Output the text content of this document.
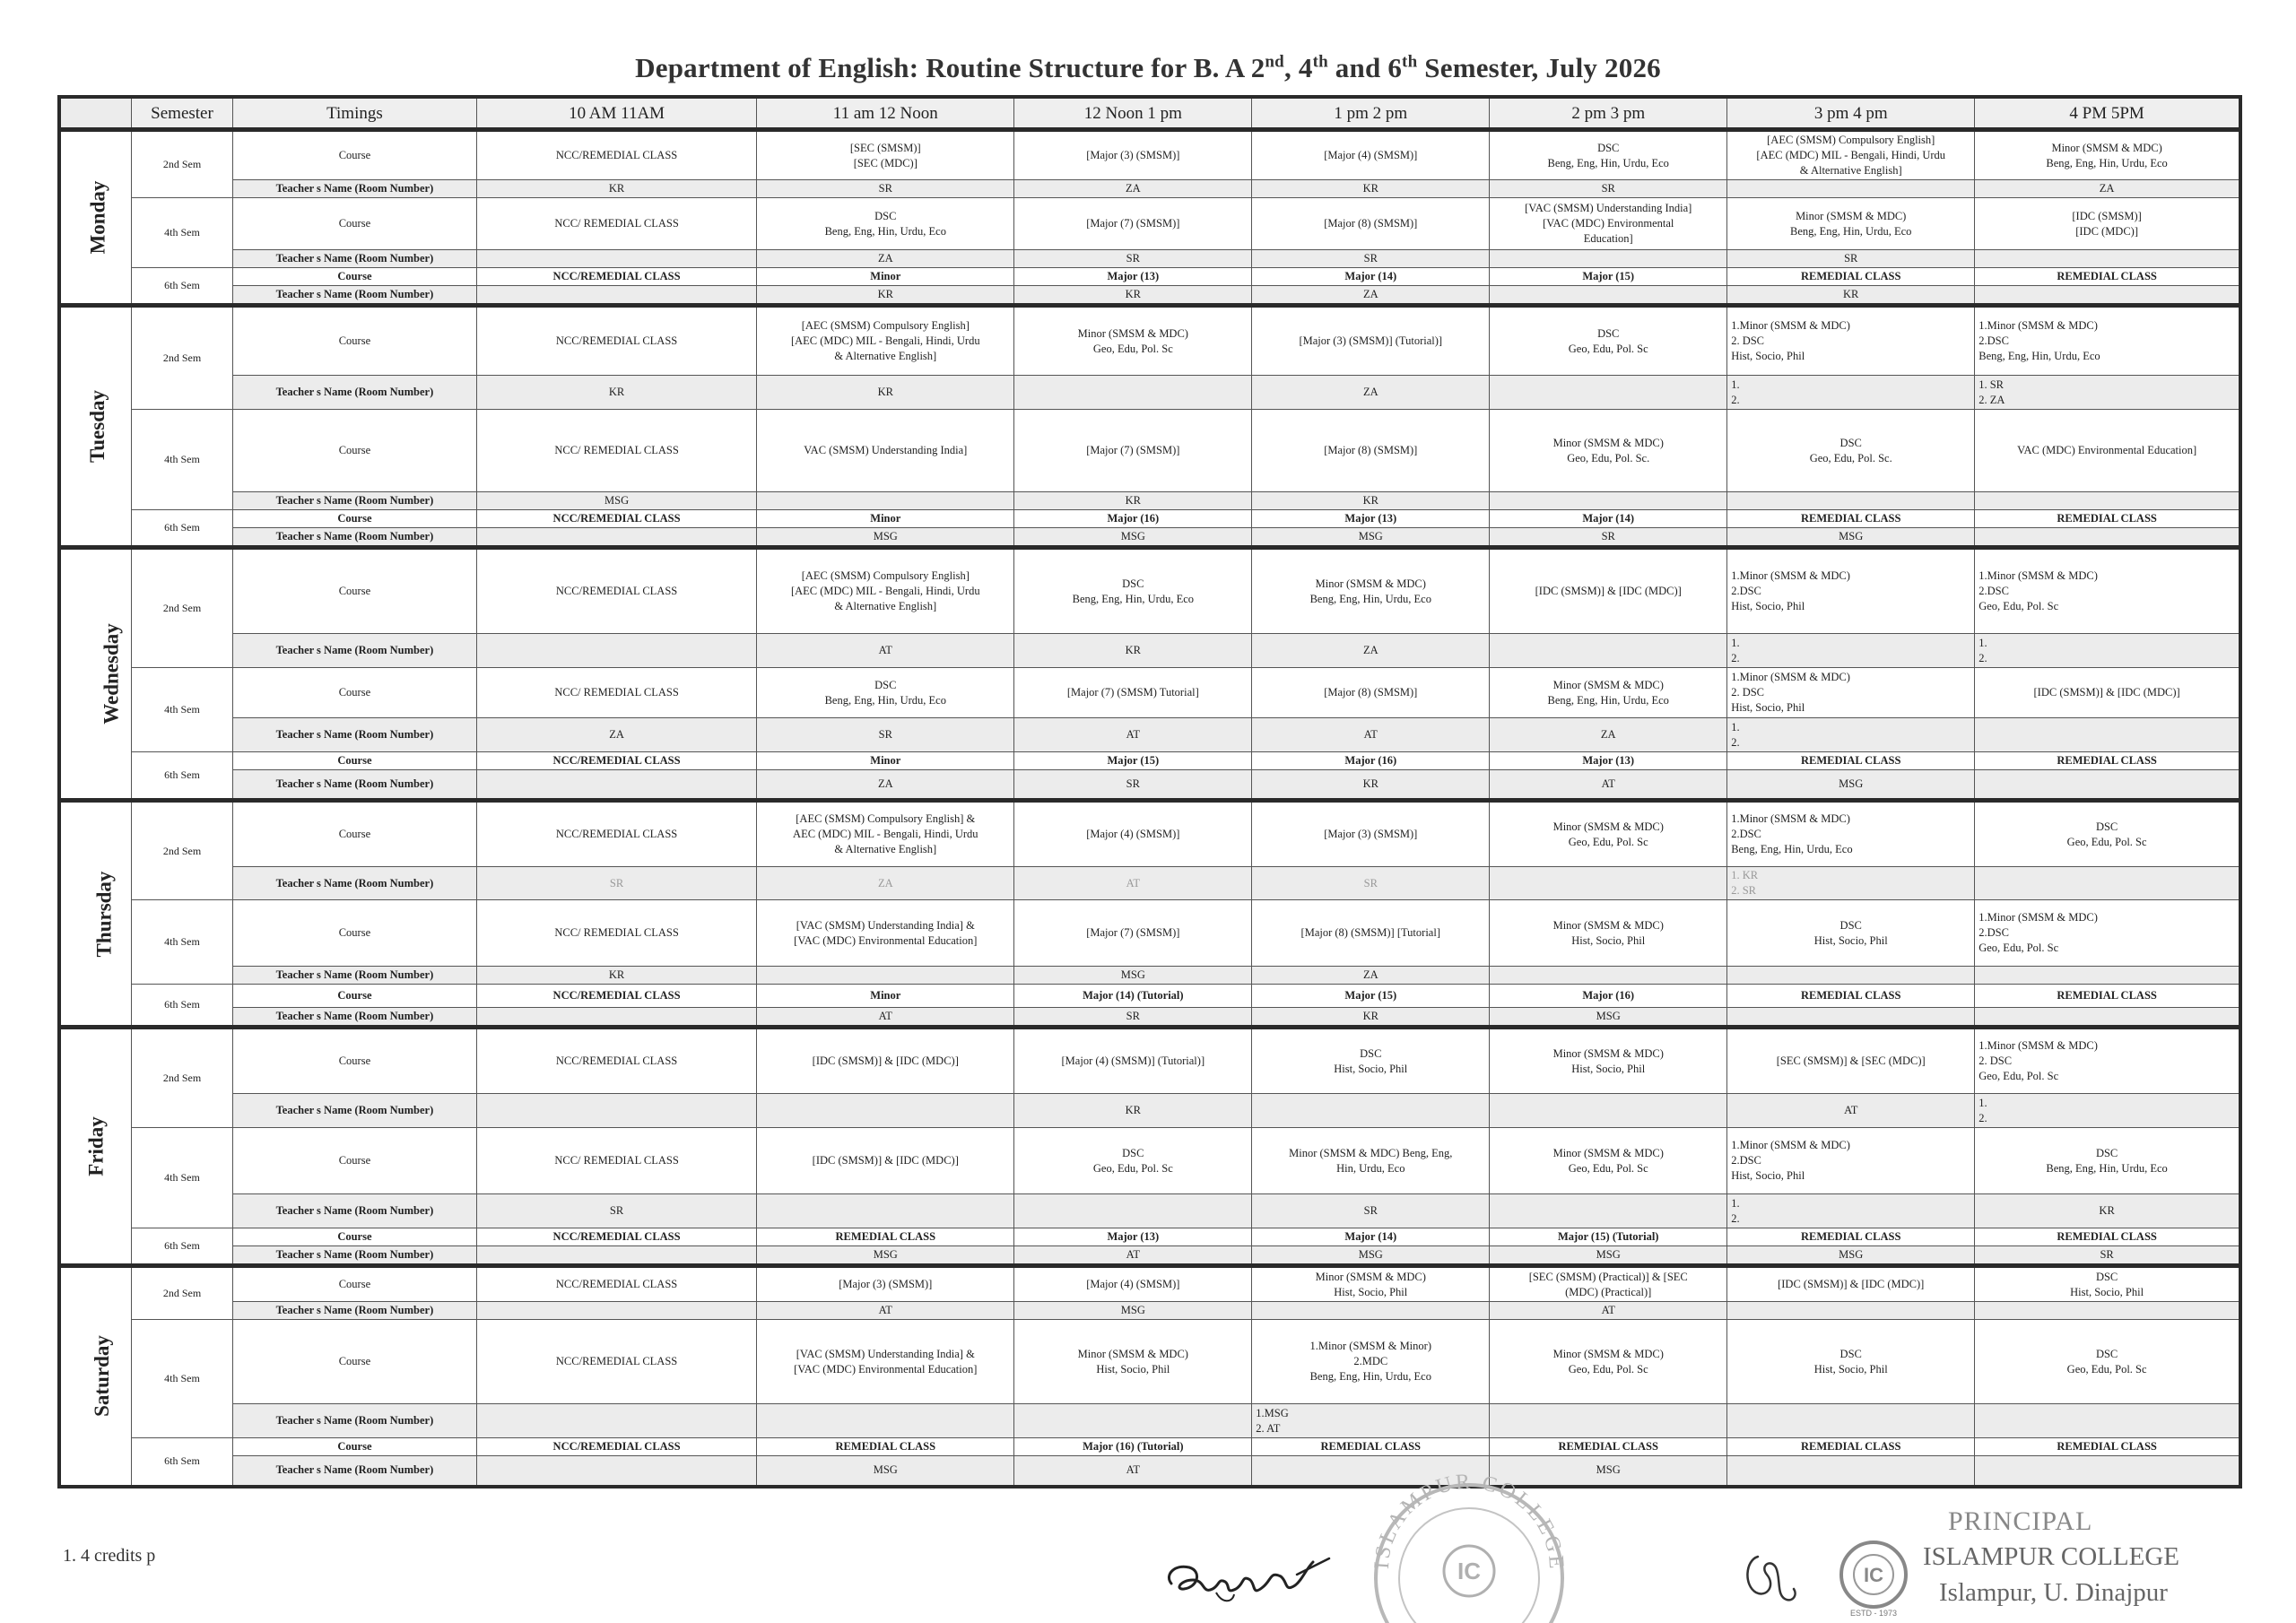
Department of English: Routine Structure for B. A 2nd, 4th and 6th Semester, July 2026
	Semester	Timings	10 AM 11AM	11 am 12 Noon	12 Noon 1 pm	1 pm 2 pm	2 pm 3 pm	3 pm 4 pm	4 PM 5PM
Monday	2nd Sem	Course	NCC/REMEDIAL CLASS	[SEC (SMSM)]
[SEC (MDC)]	[Major (3) (SMSM)]	[Major (4) (SMSM)]	DSC
Beng, Eng, Hin, Urdu, Eco	[AEC (SMSM) Compulsory English]
[AEC (MDC) MIL - Bengali, Hindi, Urdu
& Alternative English]	Minor (SMSM & MDC)
Beng, Eng, Hin, Urdu, Eco
		Teacher s Name (Room Number)	KR	SR	ZA	KR	SR		ZA
	4th Sem	Course	NCC/ REMEDIAL CLASS	DSC
Beng, Eng, Hin, Urdu, Eco	[Major (7) (SMSM)]	[Major (8) (SMSM)]	[VAC (SMSM) Understanding India]
[VAC (MDC) Environmental
Education]	Minor (SMSM & MDC)
Beng, Eng, Hin, Urdu, Eco	[IDC (SMSM)]
[IDC (MDC)]
		Teacher s Name (Room Number)		ZA	SR	SR		SR	
	6th Sem	Course	NCC/REMEDIAL CLASS	Minor	Major (13)	Major (14)	Major (15)	REMEDIAL CLASS	REMEDIAL CLASS
		Teacher s Name (Room Number)		KR	KR	ZA		KR	
Tuesday	2nd Sem	Course	NCC/REMEDIAL CLASS	[AEC (SMSM) Compulsory English]
[AEC (MDC) MIL - Bengali, Hindi, Urdu
& Alternative English]	Minor (SMSM & MDC)
Geo, Edu, Pol. Sc	[Major (3) (SMSM)] (Tutorial)]	DSC
Geo, Edu, Pol. Sc	1.Minor (SMSM & MDC)
2. DSC
Hist, Socio, Phil	1.Minor (SMSM & MDC)
2.DSC
Beng, Eng, Hin, Urdu, Eco
		Teacher s Name (Room Number)	KR	KR		ZA		1.
2.	1. SR
2. ZA
	4th Sem	Course	NCC/ REMEDIAL CLASS	VAC (SMSM) Understanding India]	[Major (7) (SMSM)]	[Major (8) (SMSM)]	Minor (SMSM & MDC)
Geo, Edu, Pol. Sc.	DSC
Geo, Edu, Pol. Sc.	VAC (MDC) Environmental Education]
		Teacher s Name (Room Number)	MSG		KR	KR			
	6th Sem	Course	NCC/REMEDIAL CLASS	Minor	Major (16)	Major (13)	Major (14)	REMEDIAL CLASS	REMEDIAL CLASS
		Teacher s Name (Room Number)		MSG	MSG	MSG	SR	MSG	
Wednesday	2nd Sem	Course	NCC/REMEDIAL CLASS	[AEC (SMSM) Compulsory English]
[AEC (MDC) MIL - Bengali, Hindi, Urdu
& Alternative English]	DSC
Beng, Eng, Hin, Urdu, Eco	Minor (SMSM & MDC)
Beng, Eng, Hin, Urdu, Eco	[IDC (SMSM)] & [IDC (MDC)]	1.Minor (SMSM & MDC)
2.DSC
Hist, Socio, Phil	1.Minor (SMSM & MDC)
2.DSC
Geo, Edu, Pol. Sc
		Teacher s Name (Room Number)		AT	KR	ZA		1.
2.	1.
2.
	4th Sem	Course	NCC/ REMEDIAL CLASS	DSC
Beng, Eng, Hin, Urdu, Eco	[Major (7) (SMSM) Tutorial]	[Major (8) (SMSM)]	Minor (SMSM & MDC)
Beng, Eng, Hin, Urdu, Eco	1.Minor (SMSM & MDC)
2. DSC
Hist, Socio, Phil	[IDC (SMSM)] & [IDC (MDC)]
		Teacher s Name (Room Number)	ZA	SR	AT	AT	ZA	1.
2.	
	6th Sem	Course	NCC/REMEDIAL CLASS	Minor	Major (15)	Major (16)	Major (13)	REMEDIAL CLASS	REMEDIAL CLASS
		Teacher s Name (Room Number)		ZA	SR	KR	AT	MSG	
Thursday	2nd Sem	Course	NCC/REMEDIAL CLASS	[AEC (SMSM) Compulsory English] &
AEC (MDC) MIL - Bengali, Hindi, Urdu
& Alternative English]	[Major (4) (SMSM)]	[Major (3) (SMSM)]	Minor (SMSM & MDC)
Geo, Edu, Pol. Sc	1.Minor (SMSM & MDC)
2.DSC
Beng, Eng, Hin, Urdu, Eco	DSC
Geo, Edu, Pol. Sc
		Teacher s Name (Room Number)	SR	ZA	AT	SR		1. KR
2. SR	
	4th Sem	Course	NCC/ REMEDIAL CLASS	[VAC (SMSM) Understanding India] &
[VAC (MDC) Environmental Education]	[Major (7) (SMSM)]	[Major (8) (SMSM)] [Tutorial]	Minor (SMSM & MDC)
Hist, Socio, Phil	DSC
Hist, Socio, Phil	1.Minor (SMSM & MDC)
2.DSC
Geo, Edu, Pol. Sc
		Teacher s Name (Room Number)	KR		MSG	ZA			
	6th Sem	Course	NCC/REMEDIAL CLASS	Minor	Major (14) (Tutorial)	Major (15)	Major (16)	REMEDIAL CLASS	REMEDIAL CLASS
		Teacher s Name (Room Number)		AT	SR	KR	MSG		
Friday	2nd Sem	Course	NCC/REMEDIAL CLASS	[IDC (SMSM)] & [IDC (MDC)]	[Major (4) (SMSM)] (Tutorial)]	DSC
Hist, Socio, Phil	Minor (SMSM & MDC)
Hist, Socio, Phil	[SEC (SMSM)] & [SEC (MDC)]	1.Minor (SMSM & MDC)
2. DSC
Geo, Edu, Pol. Sc
		Teacher s Name (Room Number)			KR			AT	1.
2.
	4th Sem	Course	NCC/ REMEDIAL CLASS	[IDC (SMSM)] & [IDC (MDC)]	DSC
Geo, Edu, Pol. Sc	Minor (SMSM & MDC) Beng, Eng,
Hin, Urdu, Eco	Minor (SMSM & MDC)
Geo, Edu, Pol. Sc	1.Minor (SMSM & MDC)
2.DSC
Hist, Socio, Phil	DSC
Beng, Eng, Hin, Urdu, Eco
		Teacher s Name (Room Number)	SR			SR		1.
2.	KR
	6th Sem	Course	NCC/REMEDIAL CLASS	REMEDIAL CLASS	Major (13)	Major (14)	Major (15) (Tutorial)	REMEDIAL CLASS	REMEDIAL CLASS
		Teacher s Name (Room Number)		MSG	AT	MSG	MSG	MSG	SR
Saturday	2nd Sem	Course	NCC/REMEDIAL CLASS	[Major (3) (SMSM)]	[Major (4) (SMSM)]	Minor (SMSM & MDC)
Hist, Socio, Phil	[SEC (SMSM) (Practical)] & [SEC
(MDC) (Practical)]	[IDC (SMSM)] & [IDC (MDC)]	DSC
Hist, Socio, Phil
		Teacher s Name (Room Number)		AT	MSG		AT		
	4th Sem	Course	NCC/REMEDIAL CLASS	[VAC (SMSM) Understanding India] &
[VAC (MDC) Environmental Education]	Minor (SMSM & MDC)
Hist, Socio, Phil	1.Minor (SMSM & Minor)
2.MDC
Beng, Eng, Hin, Urdu, Eco	Minor (SMSM & MDC)
Geo, Edu, Pol. Sc	DSC
Hist, Socio, Phil	DSC
Geo, Edu, Pol. Sc
		Teacher s Name (Room Number)				1.MSG
2. AT			
	6th Sem	Course	NCC/REMEDIAL CLASS	REMEDIAL CLASS	Major (16) (Tutorial)	REMEDIAL CLASS	REMEDIAL CLASS	REMEDIAL CLASS	REMEDIAL CLASS
		Teacher s Name (Room Number)		MSG	AT		MSG		
1. 4 credits p
IC
ISLAMPUR COLLEGE
IC
ESTD - 1973
PRINCIPAL
ISLAMPUR COLLEGE
Islampur, U. Dinajpur
